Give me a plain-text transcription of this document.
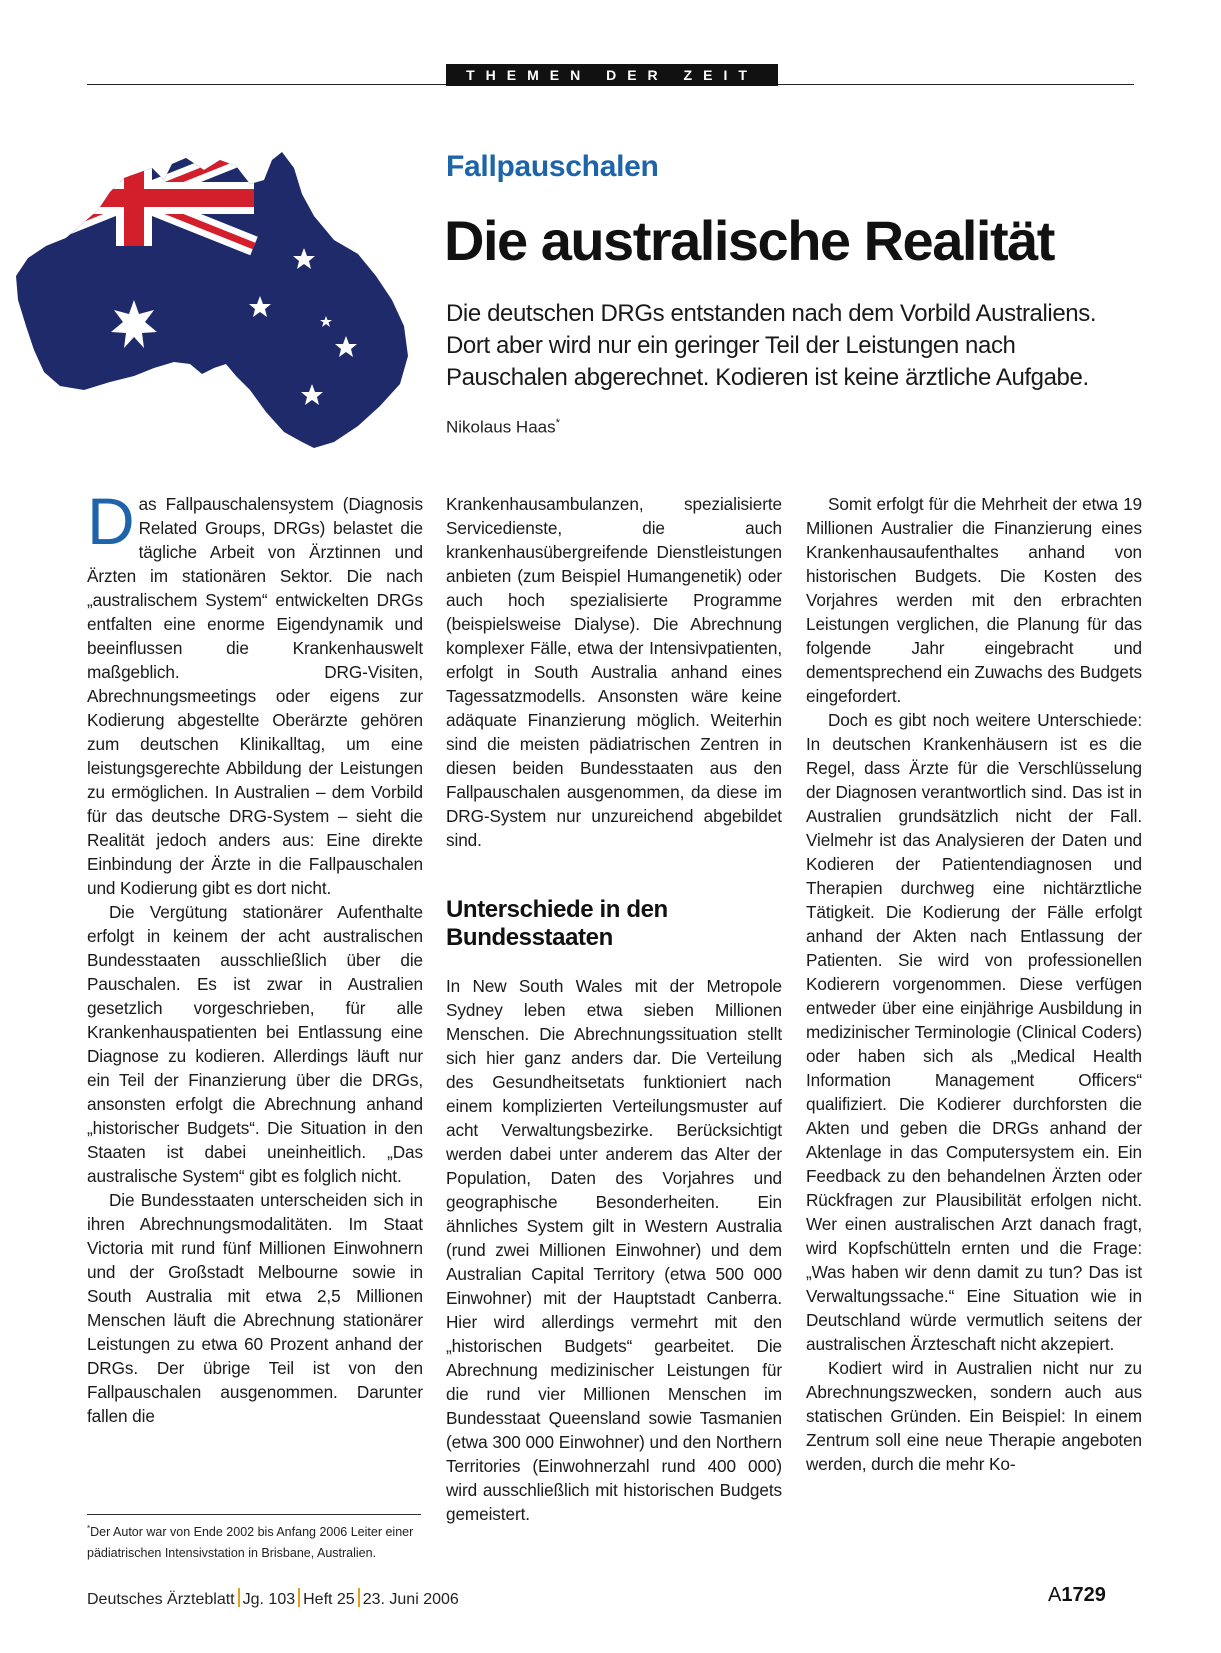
THEMEN DER ZEIT
Fallpauschalen
Die australische Realität
Die deutschen DRGs entstanden nach dem Vorbild Australiens. Dort aber wird nur ein geringer Teil der Leistungen nach Pauschalen abgerechnet. Kodieren ist keine ärztliche Aufgabe.
Nikolaus Haas*

Das Fallpauschalensystem (Diagnosis Related Groups, DRGs) belastet die tägliche Arbeit von Ärztinnen und Ärzten im stationären Sektor. Die nach „australischem System“ entwickelten DRGs entfalten eine enorme Eigendynamik und beeinflussen die Krankenhauswelt maßgeblich. DRG-Visiten, Abrechnungsmeetings oder eigens zur Kodierung abgestellte Oberärzte gehören zum deutschen Klinikalltag, um eine leistungsgerechte Abbildung der Leistungen zu ermöglichen. In Australien – dem Vorbild für das deutsche DRG-System – sieht die Realität jedoch anders aus: Eine direkte Einbindung der Ärzte in die Fallpauschalen und Kodierung gibt es dort nicht.

Die Vergütung stationärer Aufenthalte erfolgt in keinem der acht australischen Bundesstaaten ausschließlich über die Pauschalen. Es ist zwar in Australien gesetzlich vorgeschrieben, für alle Krankenhauspatienten bei Entlassung eine Diagnose zu kodieren. Allerdings läuft nur ein Teil der Finanzierung über die DRGs, ansonsten erfolgt die Abrechnung anhand „historischer Budgets“. Die Situation in den Staaten ist dabei uneinheitlich. „Das australische System“ gibt es folglich nicht.

Die Bundesstaaten unterscheiden sich in ihren Abrechnungsmodalitäten. Im Staat Victoria mit rund fünf Millionen Einwohnern und der Großstadt Melbourne sowie in South Australia mit etwa 2,5 Millionen Menschen läuft die Abrechnung stationärer Leistungen zu etwa 60 Prozent anhand der DRGs. Der übrige Teil ist von den Fallpauschalen ausgenommen. Darunter fallen die

Krankenhausambulanzen, spezialisierte Servicedienste, die auch krankenhausübergreifende Dienstleistungen anbieten (zum Beispiel Humangenetik) oder auch hoch spezialisierte Programme (beispielsweise Dialyse). Die Abrechnung komplexer Fälle, etwa der Intensivpatienten, erfolgt in South Australia anhand eines Tagessatzmodells. Ansonsten wäre keine adäquate Finanzierung möglich. Weiterhin sind die meisten pädiatrischen Zentren in diesen beiden Bundesstaaten aus den Fallpauschalen ausgenommen, da diese im DRG-System nur unzureichend abgebildet sind.

Unterschiede in den Bundesstaaten

In New South Wales mit der Metropole Sydney leben etwa sieben Millionen Menschen. Die Abrechnungssituation stellt sich hier ganz anders dar. Die Verteilung des Gesundheitsetats funktioniert nach einem komplizierten Verteilungsmuster auf acht Verwaltungsbezirke. Berücksichtigt werden dabei unter anderem das Alter der Population, Daten des Vorjahres und geographische Besonderheiten. Ein ähnliches System gilt in Western Australia (rund zwei Millionen Einwohner) und dem Australian Capital Territory (etwa 500 000 Einwohner) mit der Hauptstadt Canberra. Hier wird allerdings vermehrt mit den „historischen Budgets“ gearbeitet. Die Abrechnung medizinischer Leistungen für die rund vier Millionen Menschen im Bundesstaat Queensland sowie Tasmanien (etwa 300 000 Einwohner) und den Northern Territories (Einwohnerzahl rund 400 000) wird ausschließlich mit historischen Budgets gemeistert.

Somit erfolgt für die Mehrheit der etwa 19 Millionen Australier die Finanzierung eines Krankenhausaufenthaltes anhand von historischen Budgets. Die Kosten des Vorjahres werden mit den erbrachten Leistungen verglichen, die Planung für das folgende Jahr eingebracht und dementsprechend ein Zuwachs des Budgets eingefordert.

Doch es gibt noch weitere Unterschiede: In deutschen Krankenhäusern ist es die Regel, dass Ärzte für die Verschlüsselung der Diagnosen verantwortlich sind. Das ist in Australien grundsätzlich nicht der Fall. Vielmehr ist das Analysieren der Daten und Kodieren der Patientendiagnosen und Therapien durchweg eine nichtärztliche Tätigkeit. Die Kodierung der Fälle erfolgt anhand der Akten nach Entlassung der Patienten. Sie wird von professionellen Kodierern vorgenommen. Diese verfügen entweder über eine einjährige Ausbildung in medizinischer Terminologie (Clinical Coders) oder haben sich als „Medical Health Information Management Officers“ qualifiziert. Die Kodierer durchforsten die Akten und geben die DRGs anhand der Aktenlage in das Computersystem ein. Ein Feedback zu den behandelnen Ärzten oder Rückfragen zur Plausibilität erfolgen nicht. Wer einen australischen Arzt danach fragt, wird Kopfschütteln ernten und die Frage: „Was haben wir denn damit zu tun? Das ist Verwaltungssache.“ Eine Situation wie in Deutschland würde vermutlich seitens der australischen Ärzteschaft nicht akzepiert.

Kodiert wird in Australien nicht nur zu Abrechnungszwecken, sondern auch aus statischen Gründen. Ein Beispiel: In einem Zentrum soll eine neue Therapie angeboten werden, durch die mehr Ko-

*Der Autor war von Ende 2002 bis Anfang 2006 Leiter einer pädiatrischen Intensivstation in Brisbane, Australien.
Deutsches Ärzteblatt Jg. 103 Heft 25 23. Juni 2006	A1729
